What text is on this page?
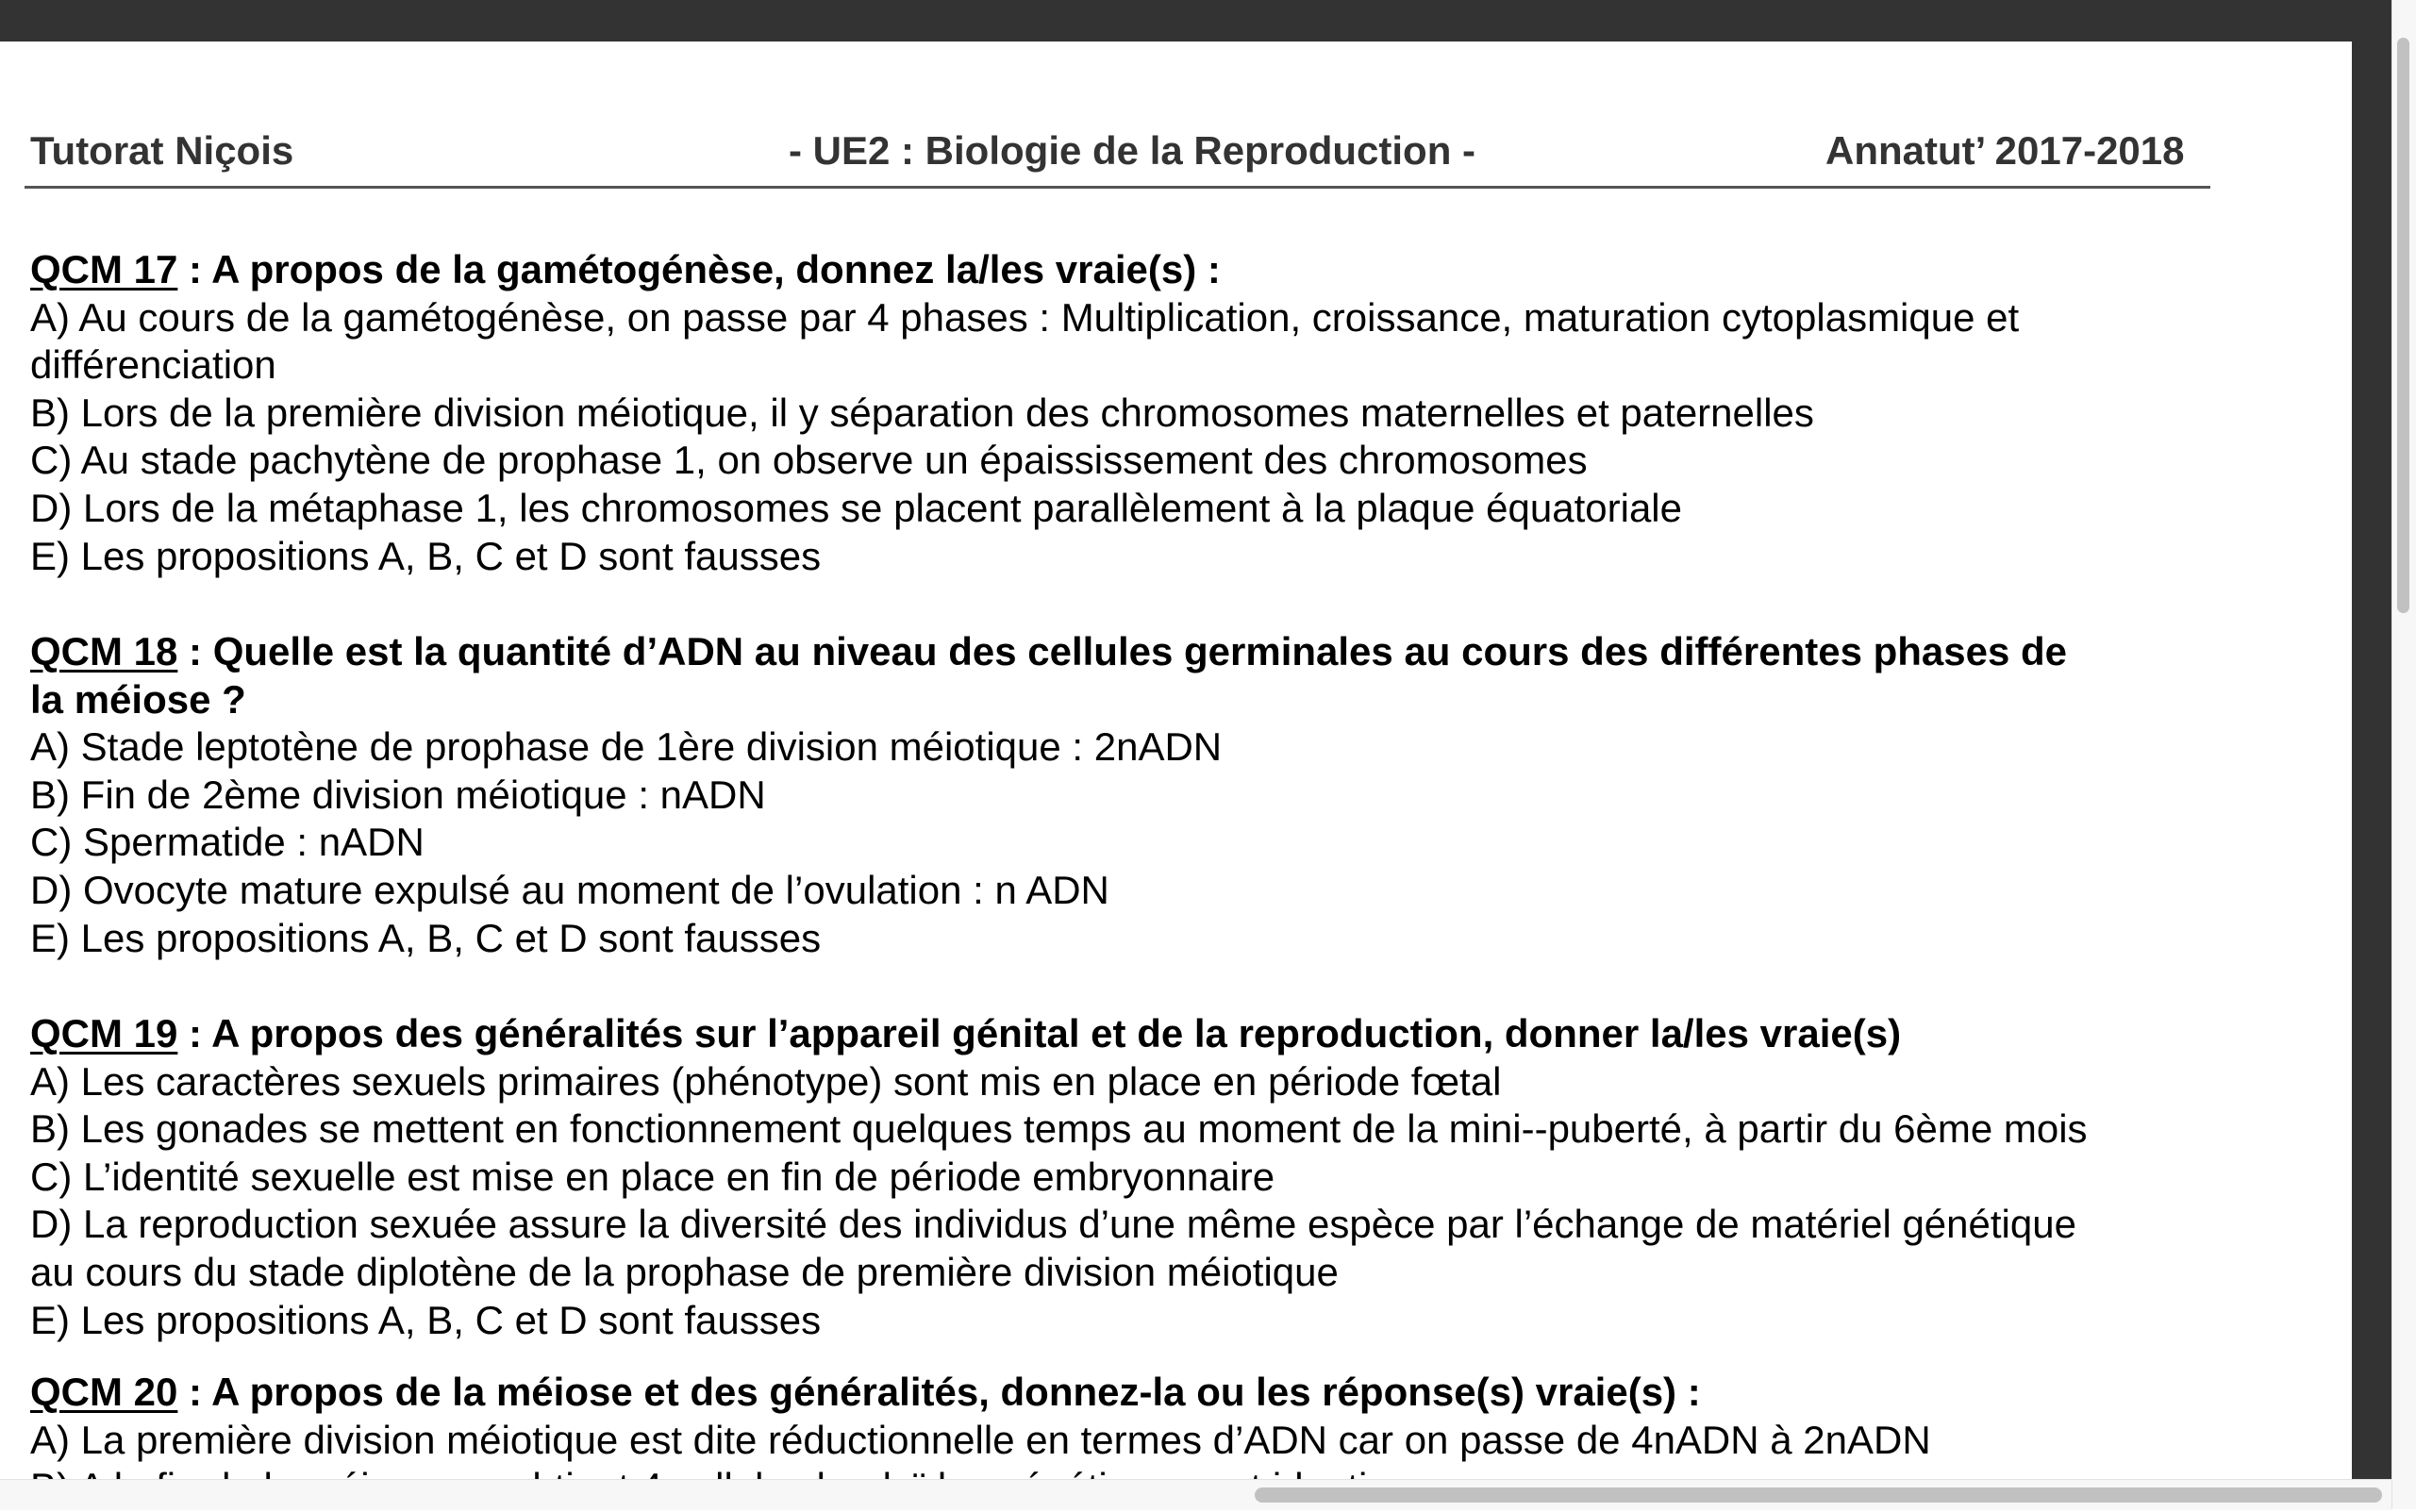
Tutorat Niçois	- UE2 : Biologie de la Reproduction -	Annatut’ 2017-2018
QCM 17 : A propos de la gamétogénèse, donnez la/les vraie(s) :
A) Au cours de la gamétogénèse, on passe par 4 phases : Multiplication, croissance, maturation cytoplasmique et
différenciation
B) Lors de la première division méiotique, il y séparation des chromosomes maternelles et paternelles
C) Au stade pachytène de prophase 1, on observe un épaississement des chromosomes
D) Lors de la métaphase 1, les chromosomes se placent parallèlement à la plaque équatoriale
E) Les propositions A, B, C et D sont fausses
QCM 18 : Quelle est la quantité d’ADN au niveau des cellules germinales au cours des différentes phases de
la méiose ?
A) Stade leptotène de prophase de 1ère division méiotique : 2nADN
B) Fin de 2ème division méiotique : nADN
C) Spermatide : nADN
D) Ovocyte mature expulsé au moment de l’ovulation : n ADN
E) Les propositions A, B, C et D sont fausses
QCM 19 : A propos des généralités sur l’appareil génital et de la reproduction, donner la/les vraie(s)
A) Les caractères sexuels primaires (phénotype) sont mis en place en période fœtal
B) Les gonades se mettent en fonctionnement quelques temps au moment de la mini--puberté, à partir du 6ème mois
C) L’identité sexuelle est mise en place en fin de période embryonnaire
D) La reproduction sexuée assure la diversité des individus d’une même espèce par l’échange de matériel génétique
au cours du stade diplotène de la prophase de première division méiotique
E) Les propositions A, B, C et D sont fausses
QCM 20 : A propos de la méiose et des généralités, donnez-la ou les réponse(s) vraie(s) :
A) La première division méiotique est dite réductionnelle en termes d’ADN car on passe de 4nADN à 2nADN
